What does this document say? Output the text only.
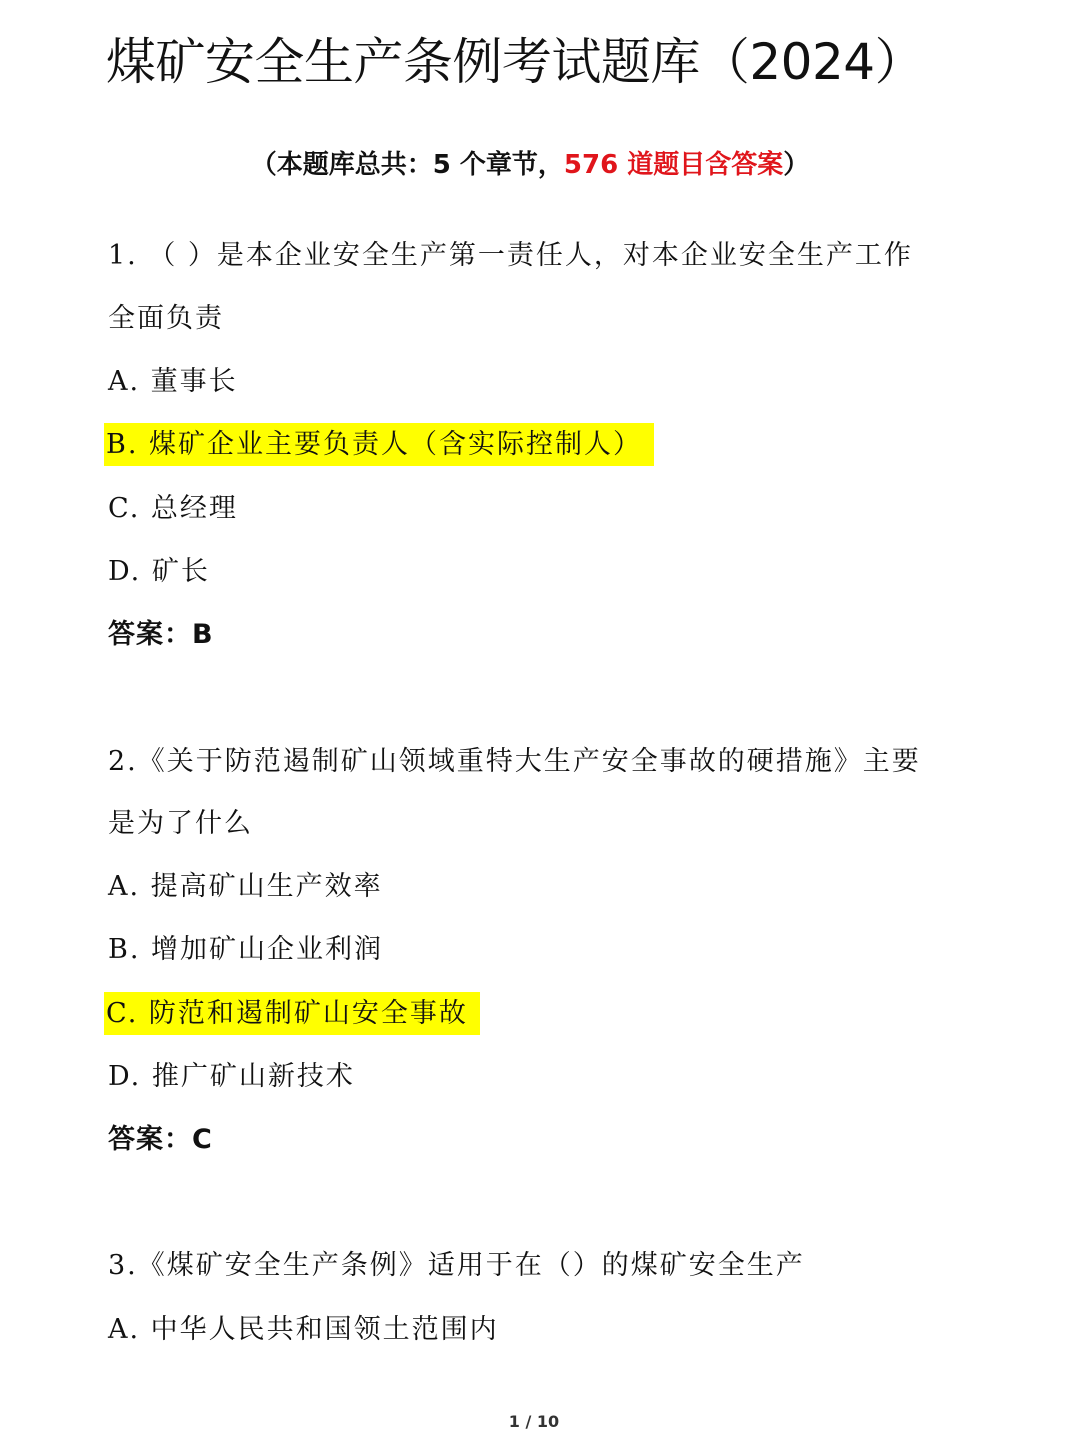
煤矿安全生产条例考试题库（2024）
（本题库总共：5 个章节，576 道题目含答案）
1. （ ）是本企业安全生产第一责任人，对本企业安全生产工作
全面负责
A. 董事长
B. 煤矿企业主要负责人（含实际控制人）
C. 总经理
D. 矿长
答案：B
2.《关于防范遏制矿山领域重特大生产安全事故的硬措施》主要
是为了什么
A. 提高矿山生产效率
B. 增加矿山企业利润
C. 防范和遏制矿山安全事故
D. 推广矿山新技术
答案：C
3.《煤矿安全生产条例》适用于在（）的煤矿安全生产
A. 中华人民共和国领土范围内
1 / 10
